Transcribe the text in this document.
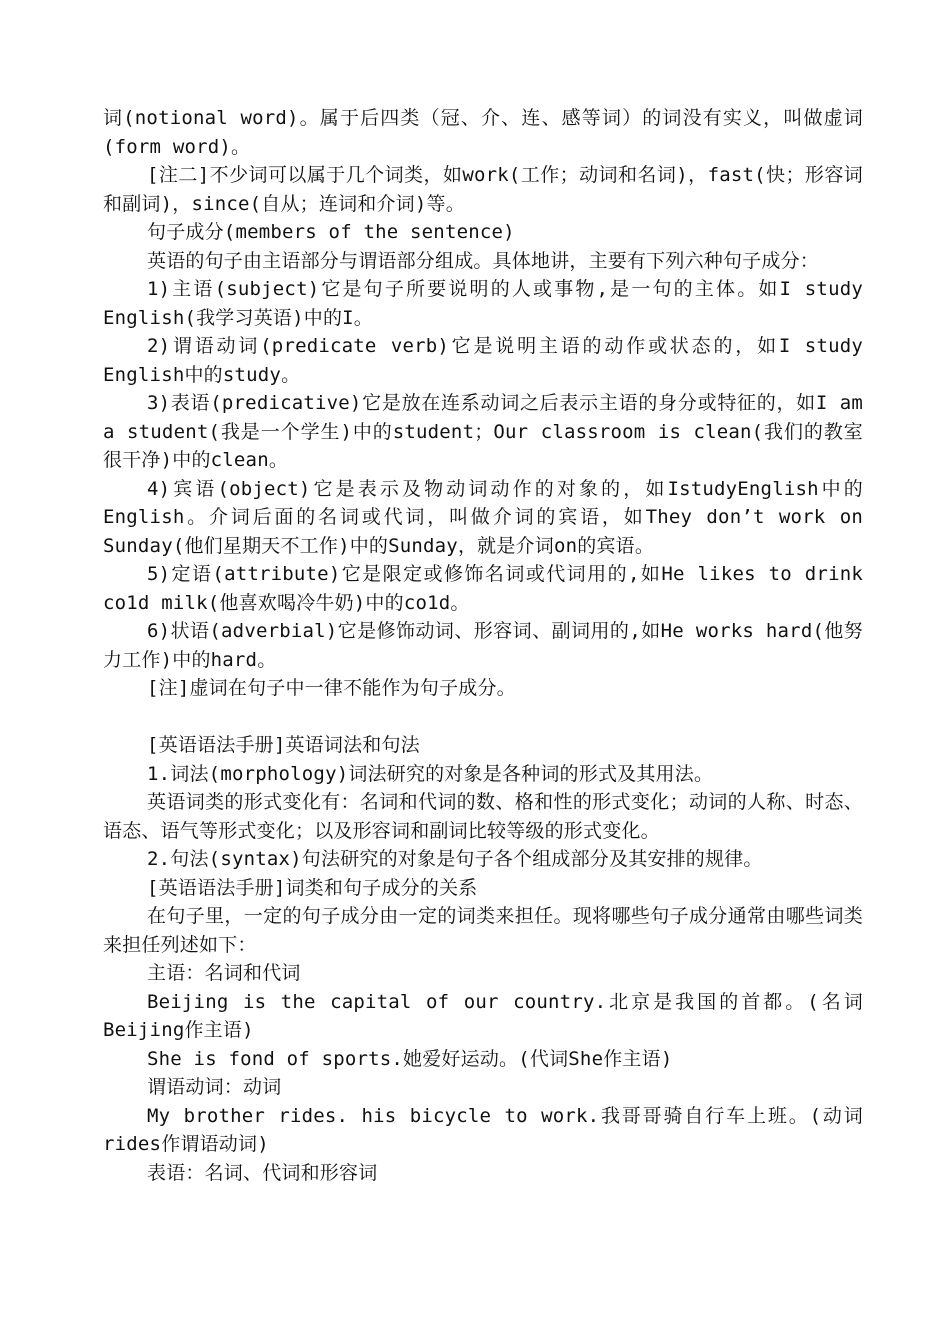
词(notional word)。属于后四类（冠、介、连、感等词）的词没有实义，叫做虚词(form word)。

[注二]不少词可以属于几个词类，如work(工作；动词和名词)，fast(快；形容词和副词)，since(自从；连词和介词)等。

句子成分(members of the sentence)

英语的句子由主语部分与谓语部分组成。具体地讲，主要有下列六种句子成分：

1)主语(subject)它是句子所要说明的人或事物,是一句的主体。如I study English(我学习英语)中的I。

2)谓语动词(predicate verb)它是说明主语的动作或状态的，如I study English中的study。

3)表语(predicative)它是放在连系动词之后表示主语的身分或特征的，如I am a student(我是一个学生)中的student；Our classroom is clean(我们的教室很干净)中的clean。

4)宾语(object)它是表示及物动词动作的对象的，如IstudyEnglish中的English。介词后面的名词或代词，叫做介词的宾语，如They don’t work on Sunday(他们星期天不工作)中的Sunday，就是介词on的宾语。

5)定语(attribute)它是限定或修饰名词或代词用的,如He likes to drink co1d milk(他喜欢喝冷牛奶)中的co1d。

6)状语(adverbial)它是修饰动词、形容词、副词用的,如He works hard(他努力工作)中的hard。

[注]虚词在句子中一律不能作为句子成分。

[英语语法手册]英语词法和句法

1.词法(morphology)词法研究的对象是各种词的形式及其用法。

英语词类的形式变化有：名词和代词的数、格和性的形式变化；动词的人称、时态、语态、语气等形式变化；以及形容词和副词比较等级的形式变化。

2.句法(syntax)句法研究的对象是句子各个组成部分及其安排的规律。

[英语语法手册]词类和句子成分的关系

在句子里，一定的句子成分由一定的词类来担任。现将哪些句子成分通常由哪些词类来担任列述如下：

主语：名词和代词

Beijing is the capital of our country.北京是我国的首都。(名词Beijing作主语)

She is fond of sports.她爱好运动。(代词She作主语)

谓语动词：动词

My brother rides. his bicycle to work.我哥哥骑自行车上班。(动词rides作谓语动词)

表语：名词、代词和形容词
